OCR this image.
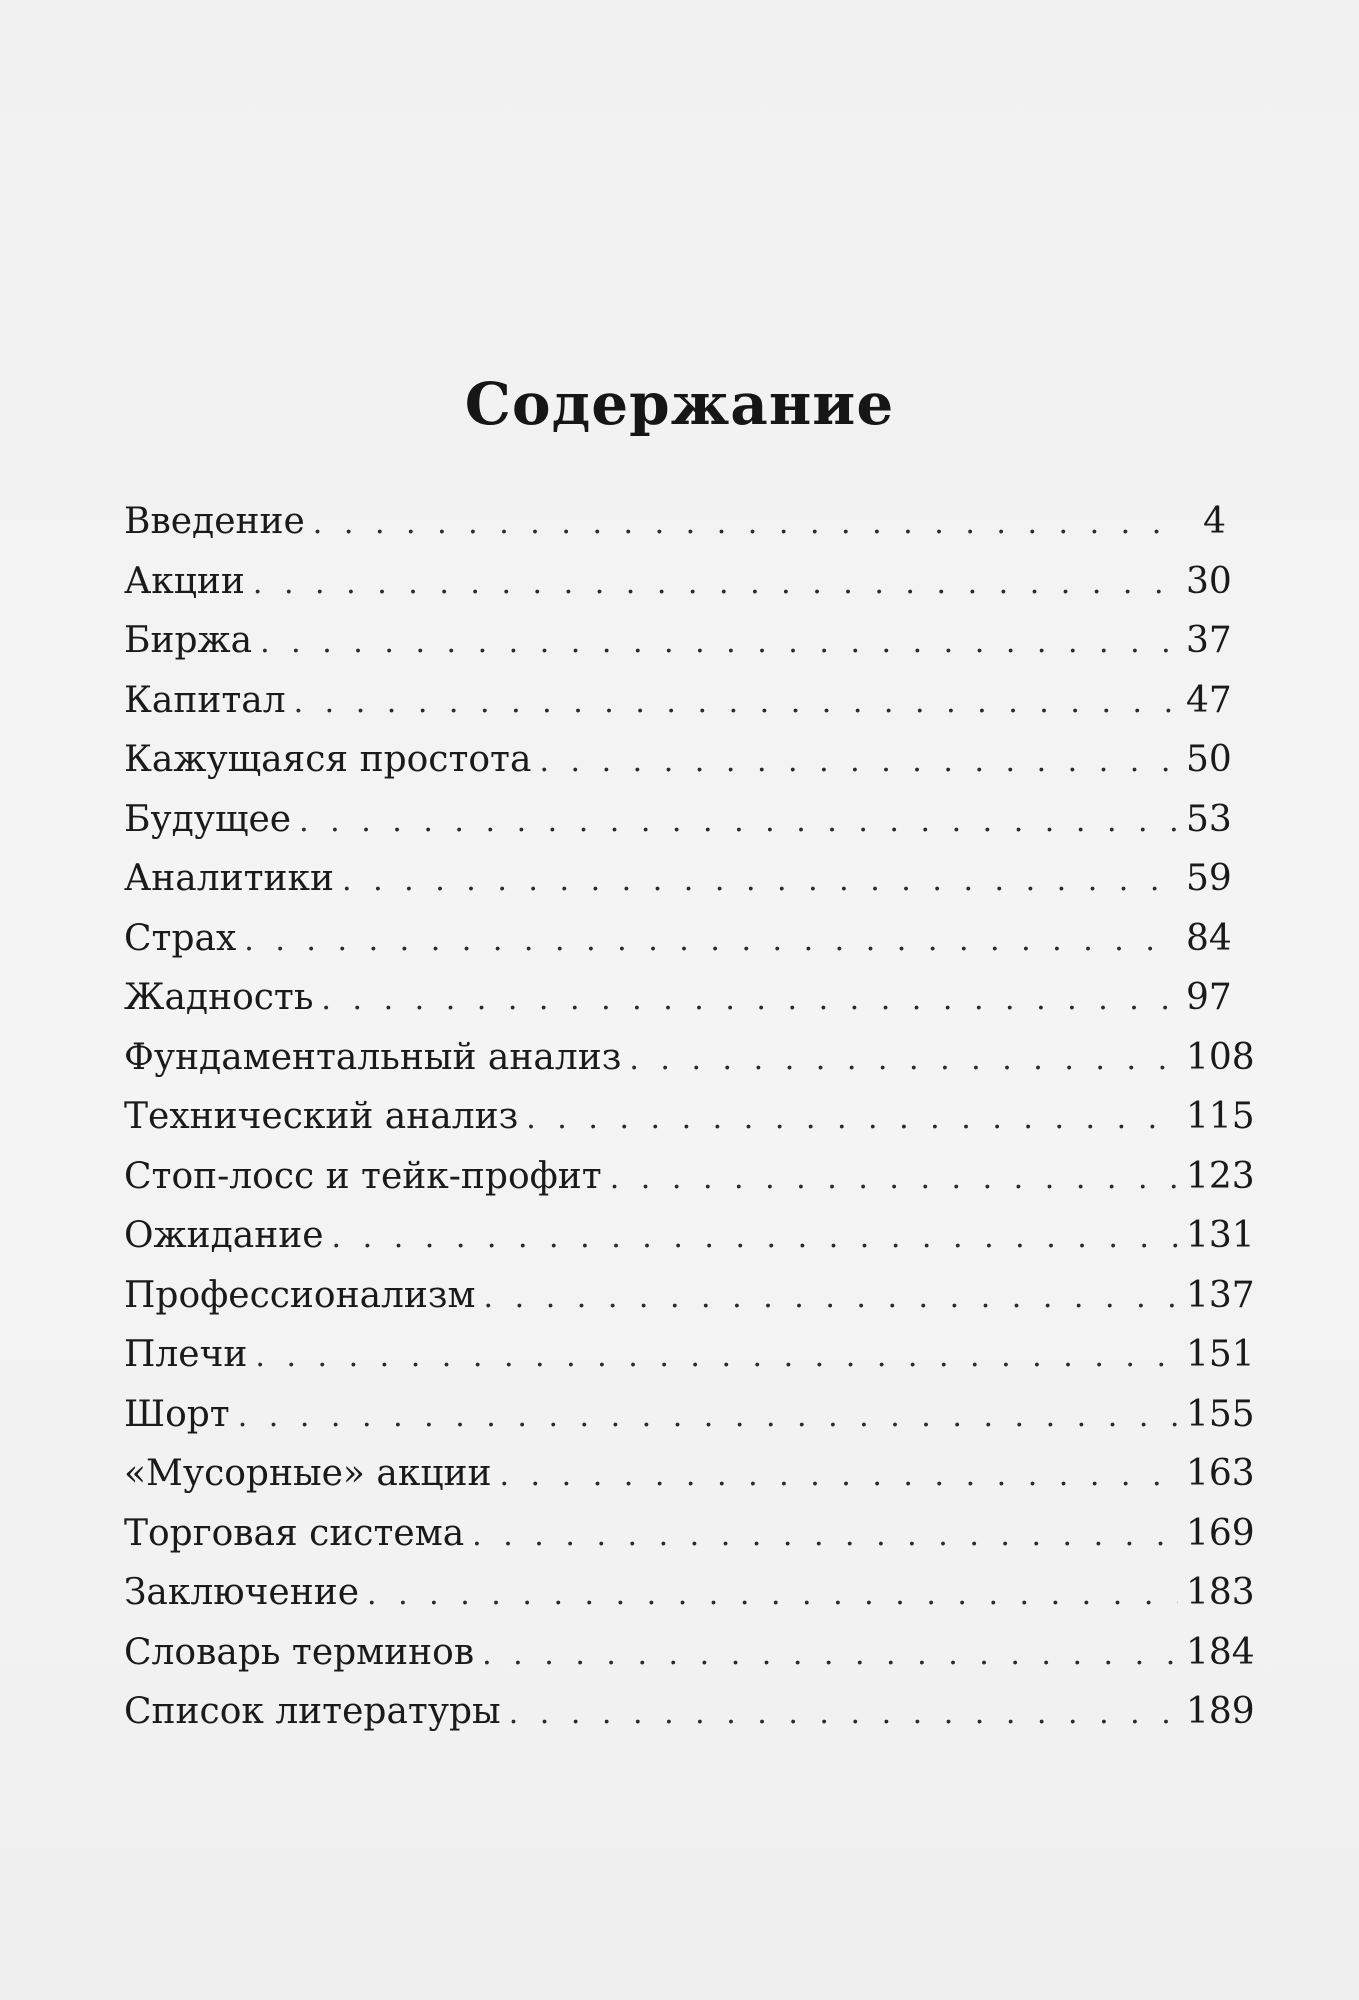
Содержание
Введение . . .	4
Акции . . .	30
Биржа . . .	37
Капитал . . .	47
Кажущаяся простота . . .	50
Будущее . . .	53
Аналитики . . .	59
Страх . . .	84
Жадность . . .	97
Фундаментальный анализ . . .	108
Технический анализ . . .	115
Стоп-лосс и тейк-профит . . .	123
Ожидание . . .	131
Профессионализм . . .	137
Плечи . . .	151
Шорт . . .	155
«Мусорные» акции . . .	163
Торговая система . . .	169
Заключение . . .	183
Словарь терминов . . .	184
Список литературы . . .	189
